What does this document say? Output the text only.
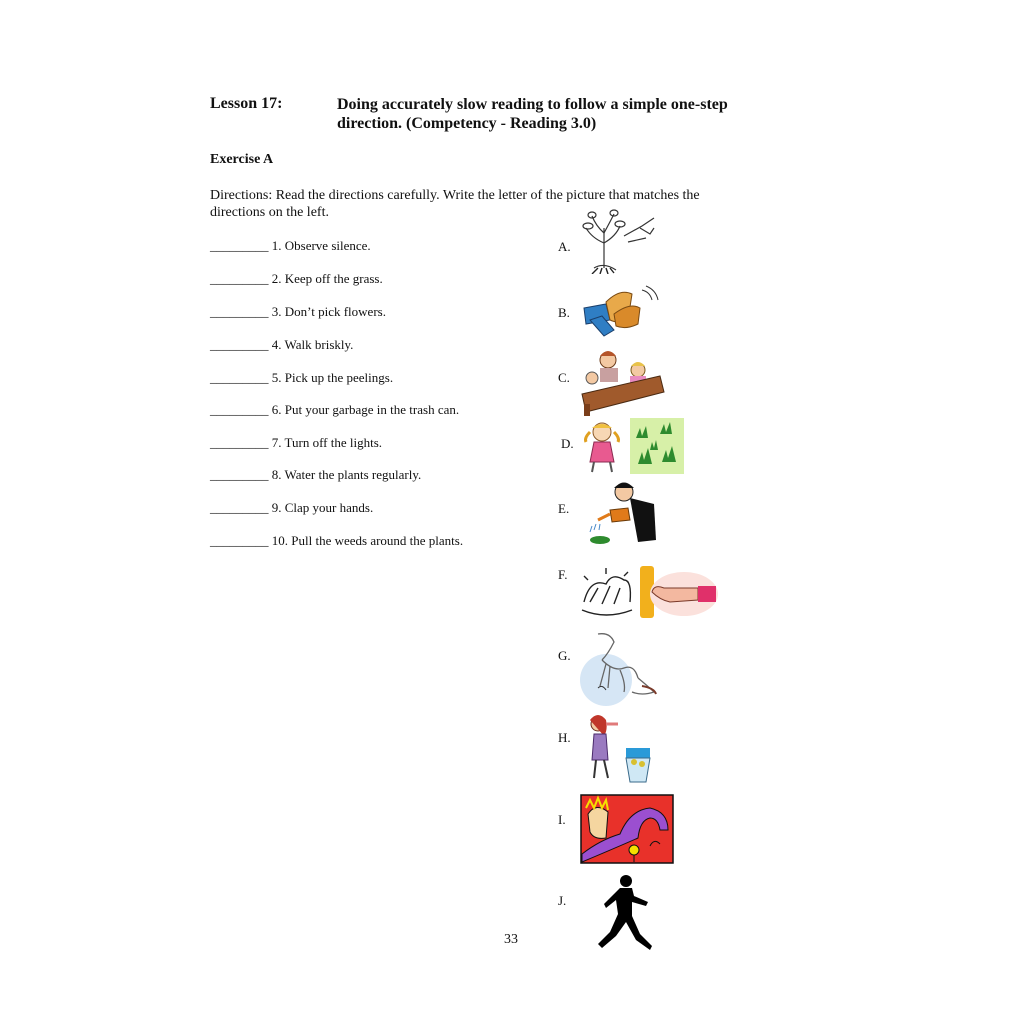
Lesson 17:	Doing accurately slow reading to follow a simple one-step
direction. (Competency - Reading 3.0)
Exercise A
Directions: Read the directions carefully. Write the letter of the picture that matches the
directions on the left.
_________ 1. Observe silence.
_________ 2. Keep off the grass.
_________ 3. Don’t pick flowers.
_________ 4. Walk briskly.
_________ 5. Pick up the peelings.
_________ 6. Put your garbage in the trash can.
_________ 7. Turn off the lights.
_________ 8. Water the plants regularly.
_________ 9. Clap your hands.
_________ 10. Pull the weeds around the plants.
A.
B.
C.
D.
E.
F.
G.
H.
I.
J.
33
